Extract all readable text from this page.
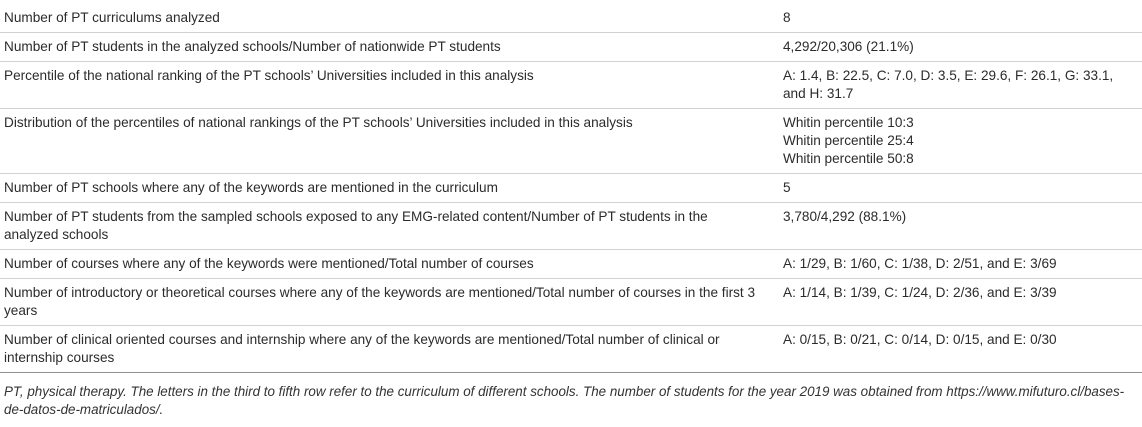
Number of PT curriculums analyzed	8

Number of PT students in the analyzed schools/Number of nationwide PT students	4,292/20,306 (21.1%)

Percentile of the national ranking of the PT schools’ Universities included in this analysis	A: 1.4, B: 22.5, C: 7.0, D: 3.5, E: 29.6, F: 26.1, G: 33.1, and H: 31.7

Distribution of the percentiles of national rankings of the PT schools’ Universities included in this analysis	Whitin percentile 10:3
Whitin percentile 25:4
Whitin percentile 50:8

Number of PT schools where any of the keywords are mentioned in the curriculum	5

Number of PT students from the sampled schools exposed to any EMG-related content/Number of PT students in the analyzed schools	3,780/4,292 (88.1%)

Number of courses where any of the keywords were mentioned/Total number of courses	A: 1/29, B: 1/60, C: 1/38, D: 2/51, and E: 3/69

Number of introductory or theoretical courses where any of the keywords are mentioned/Total number of courses in the first 3 years	A: 1/14, B: 1/39, C: 1/24, D: 2/36, and E: 3/39

Number of clinical oriented courses and internship where any of the keywords are mentioned/Total number of clinical or internship courses	A: 0/15, B: 0/21, C: 0/14, D: 0/15, and E: 0/30
PT, physical therapy. The letters in the third to fifth row refer to the curriculum of different schools. The number of students for the year 2019 was obtained from https://www.mifuturo.cl/bases-de-datos-de-matriculados/.
